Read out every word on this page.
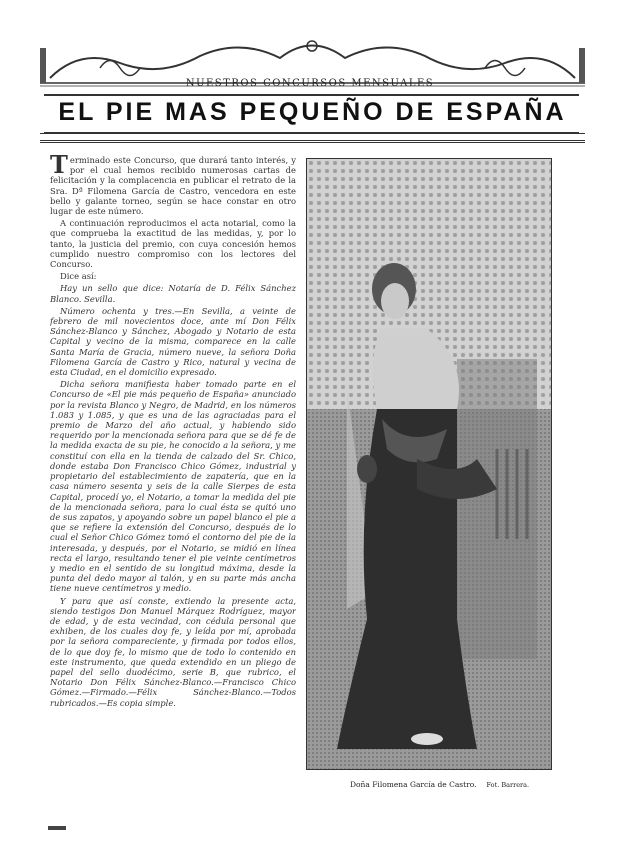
NUESTROS CONCURSOS MENSUALES
EL PIE MAS PEQUEÑO DE ESPAÑA

Terminado este Concurso, que durará tanto interés, y por el cual hemos recibido numerosas cartas de felicitación y la complacencia en publicar el retrato de la Sra. Dª Filomena García de Castro, vencedora en este bello y galante torneo, según se hace constar en otro lugar de este número.

A continuación reproducimos el acta notarial, como la que comprueba la exactitud de las medidas, y, por lo tanto, la justicia del premio, con cuya concesión hemos cumplido nuestro compromiso con los lectores del Concurso.

Dice así:

Hay un sello que dice: Notaría de D. Félix Sánchez Blanco. Sevilla.

Número ochenta y tres.—En Sevilla, a veinte de febrero de mil novecientos doce, ante mí Don Félix Sánchez-Blanco y Sánchez, Abogado y Notario de esta Capital y vecino de la misma, comparece en la calle Santa María de Gracia, número nueve, la señora Doña Filomena García de Castro y Rico, natural y vecina de esta Ciudad, en el domicilio expresado.

Dicha señora manifiesta haber tomado parte en el Concurso de «El pie más pequeño de España» anunciado por la revista Blanco y Negro, de Madrid, en los números 1.083 y 1.085, y que es una de las agraciadas para el premio de Marzo del año actual, y habiendo sido requerido por la mencionada señora para que se dé fe de la medida exacta de su pie, he conocido a la señora, y me constituí con ella en la tienda de calzado del Sr. Chico, donde estaba Don Francisco Chico Gómez, industrial y propietario del establecimiento de zapatería, que en la casa número sesenta y seis de la calle Sierpes de esta Capital, procedí yo, el Notario, a tomar la medida del pie de la mencionada señora, para lo cual ésta se quitó uno de sus zapatos, y apoyando sobre un papel blanco el pie a que se refiere la extensión del Concurso, después de lo cual el Señor Chico Gómez tomó el contorno del pie de la interesada, y después, por el Notario, se midió en línea recta el largo, resultando tener el pie veinte centímetros y medio en el sentido de su longitud máxima, desde la punta del dedo mayor al talón, y en su parte más ancha tiene nueve centímetros y medio.

Y para que así conste, extiendo la presente acta, siendo testigos Don Manuel Márquez Rodríguez, mayor de edad, y de esta vecindad, con cédula personal que exhiben, de los cuales doy fe, y leída por mí, aprobada por la señora compareciente, y firmada por todos ellos, de lo que doy fe, lo mismo que de todo lo contenido en este instrumento, que queda extendido en un pliego de papel del sello duodécimo, serie B, que rubrico, el Notario Don Félix Sánchez-Blanco.—Francisco Chico Gómez.—Firmado.—Félix Sánchez-Blanco.—Todos rubricados.—Es copia simple.

Doña Filomena García de Castro. Fot. Barrera.
